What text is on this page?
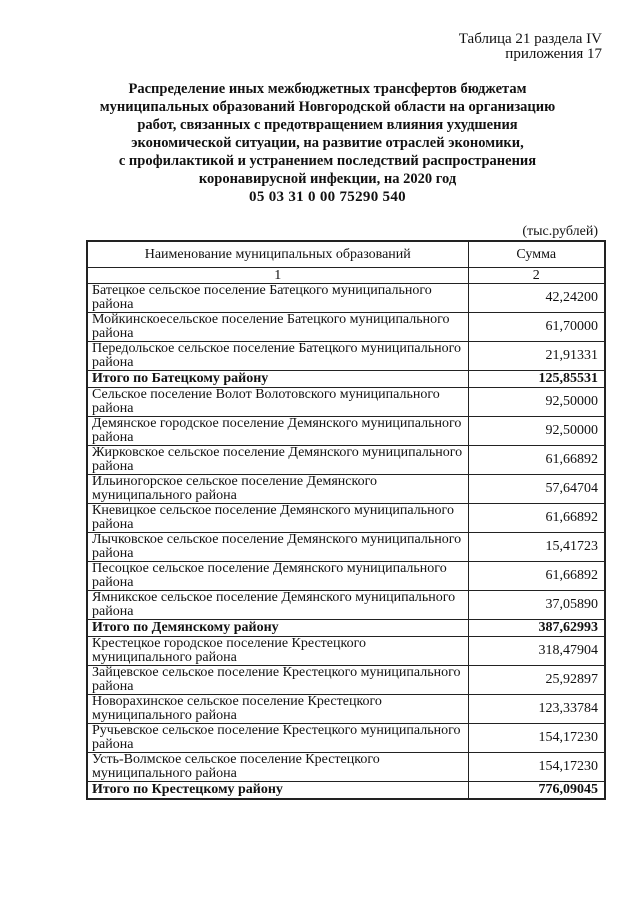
Таблица 21 раздела IV
приложения 17
Распределение иных межбюджетных трансфертов бюджетам
муниципальных образований Новгородской области на организацию
работ, связанных с предотвращением влияния ухудшения
экономической ситуации, на развитие отраслей экономики,
с профилактикой и устранением последствий распространения
коронавирусной инфекции, на 2020 год
05 03 31 0 00 75290 540
(тыс.рублей)
Наименование муниципальных образований	Сумма
1	2
Батецкое сельское поселение Батецкого муниципального района	42,24200
Мойкинскоесельское поселение Батецкого муниципального района	61,70000
Передольское сельское поселение Батецкого муниципального района	21,91331
Итого по Батецкому району	125,85531
Сельское поселение Волот Волотовского муниципального района	92,50000
Демянское городское поселение Демянского муниципального района	92,50000
Жирковское сельское поселение Демянского муниципального района	61,66892
Ильиногорское сельское поселение Демянского муниципального района	57,64704
Кневицкое сельское поселение Демянского муниципального района	61,66892
Лычковское сельское поселение Демянского муниципального района	15,41723
Песоцкое сельское поселение Демянского муниципального района	61,66892
Ямникское сельское поселение Демянского муниципального района	37,05890
Итого по Демянскому району	387,62993
Крестецкое городское поселение Крестецкого муниципального района	318,47904
Зайцевское сельское поселение Крестецкого муниципального района	25,92897
Новорахинское сельское поселение Крестецкого муниципального района	123,33784
Ручьевское сельское поселение Крестецкого муниципального района	154,17230
Усть-Волмское сельское поселение Крестецкого муниципального района	154,17230
Итого по Крестецкому району	776,09045
